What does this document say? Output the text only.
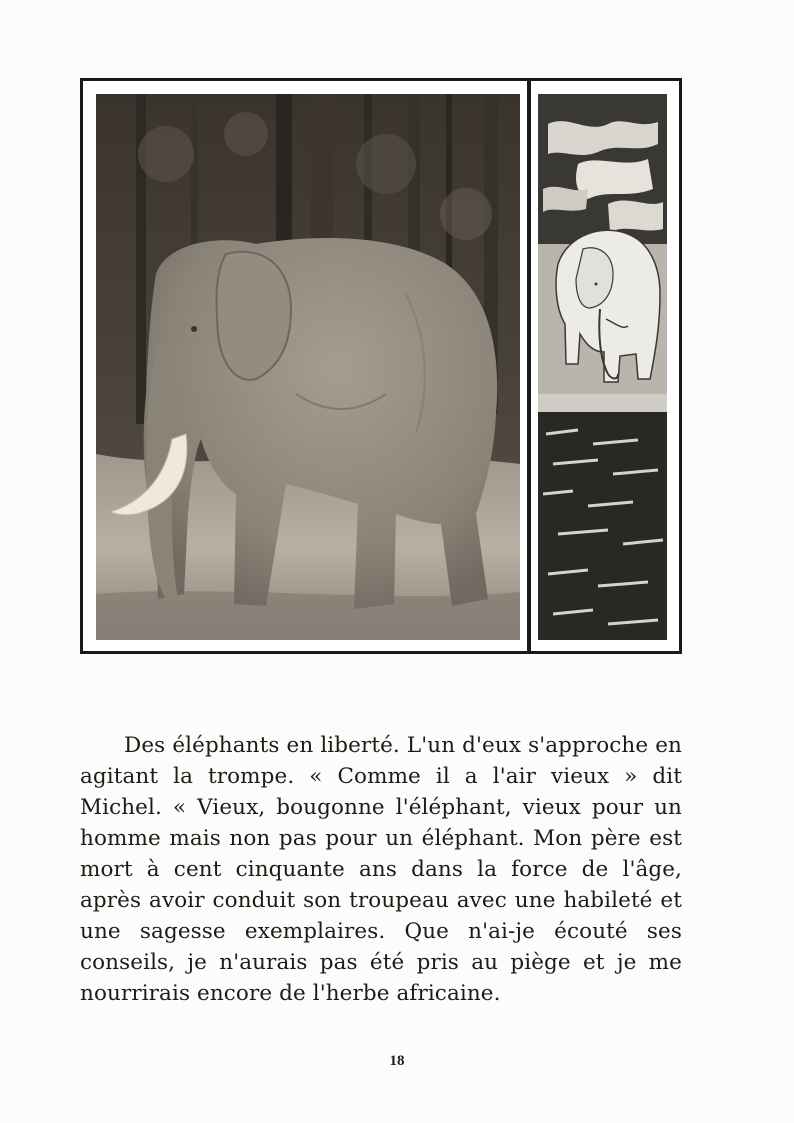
Des éléphants en liberté. L'un d'eux s'approche en agitant la trompe. « Comme il a l'air vieux » dit Michel. « Vieux, bougonne l'éléphant, vieux pour un homme mais non pas pour un éléphant. Mon père est mort à cent cinquante ans dans la force de l'âge, après avoir conduit son troupeau avec une habileté et une sagesse exemplaires. Que n'ai-je écouté ses conseils, je n'aurais pas été pris au piège et je me nourrirais encore de l'herbe africaine.

18
